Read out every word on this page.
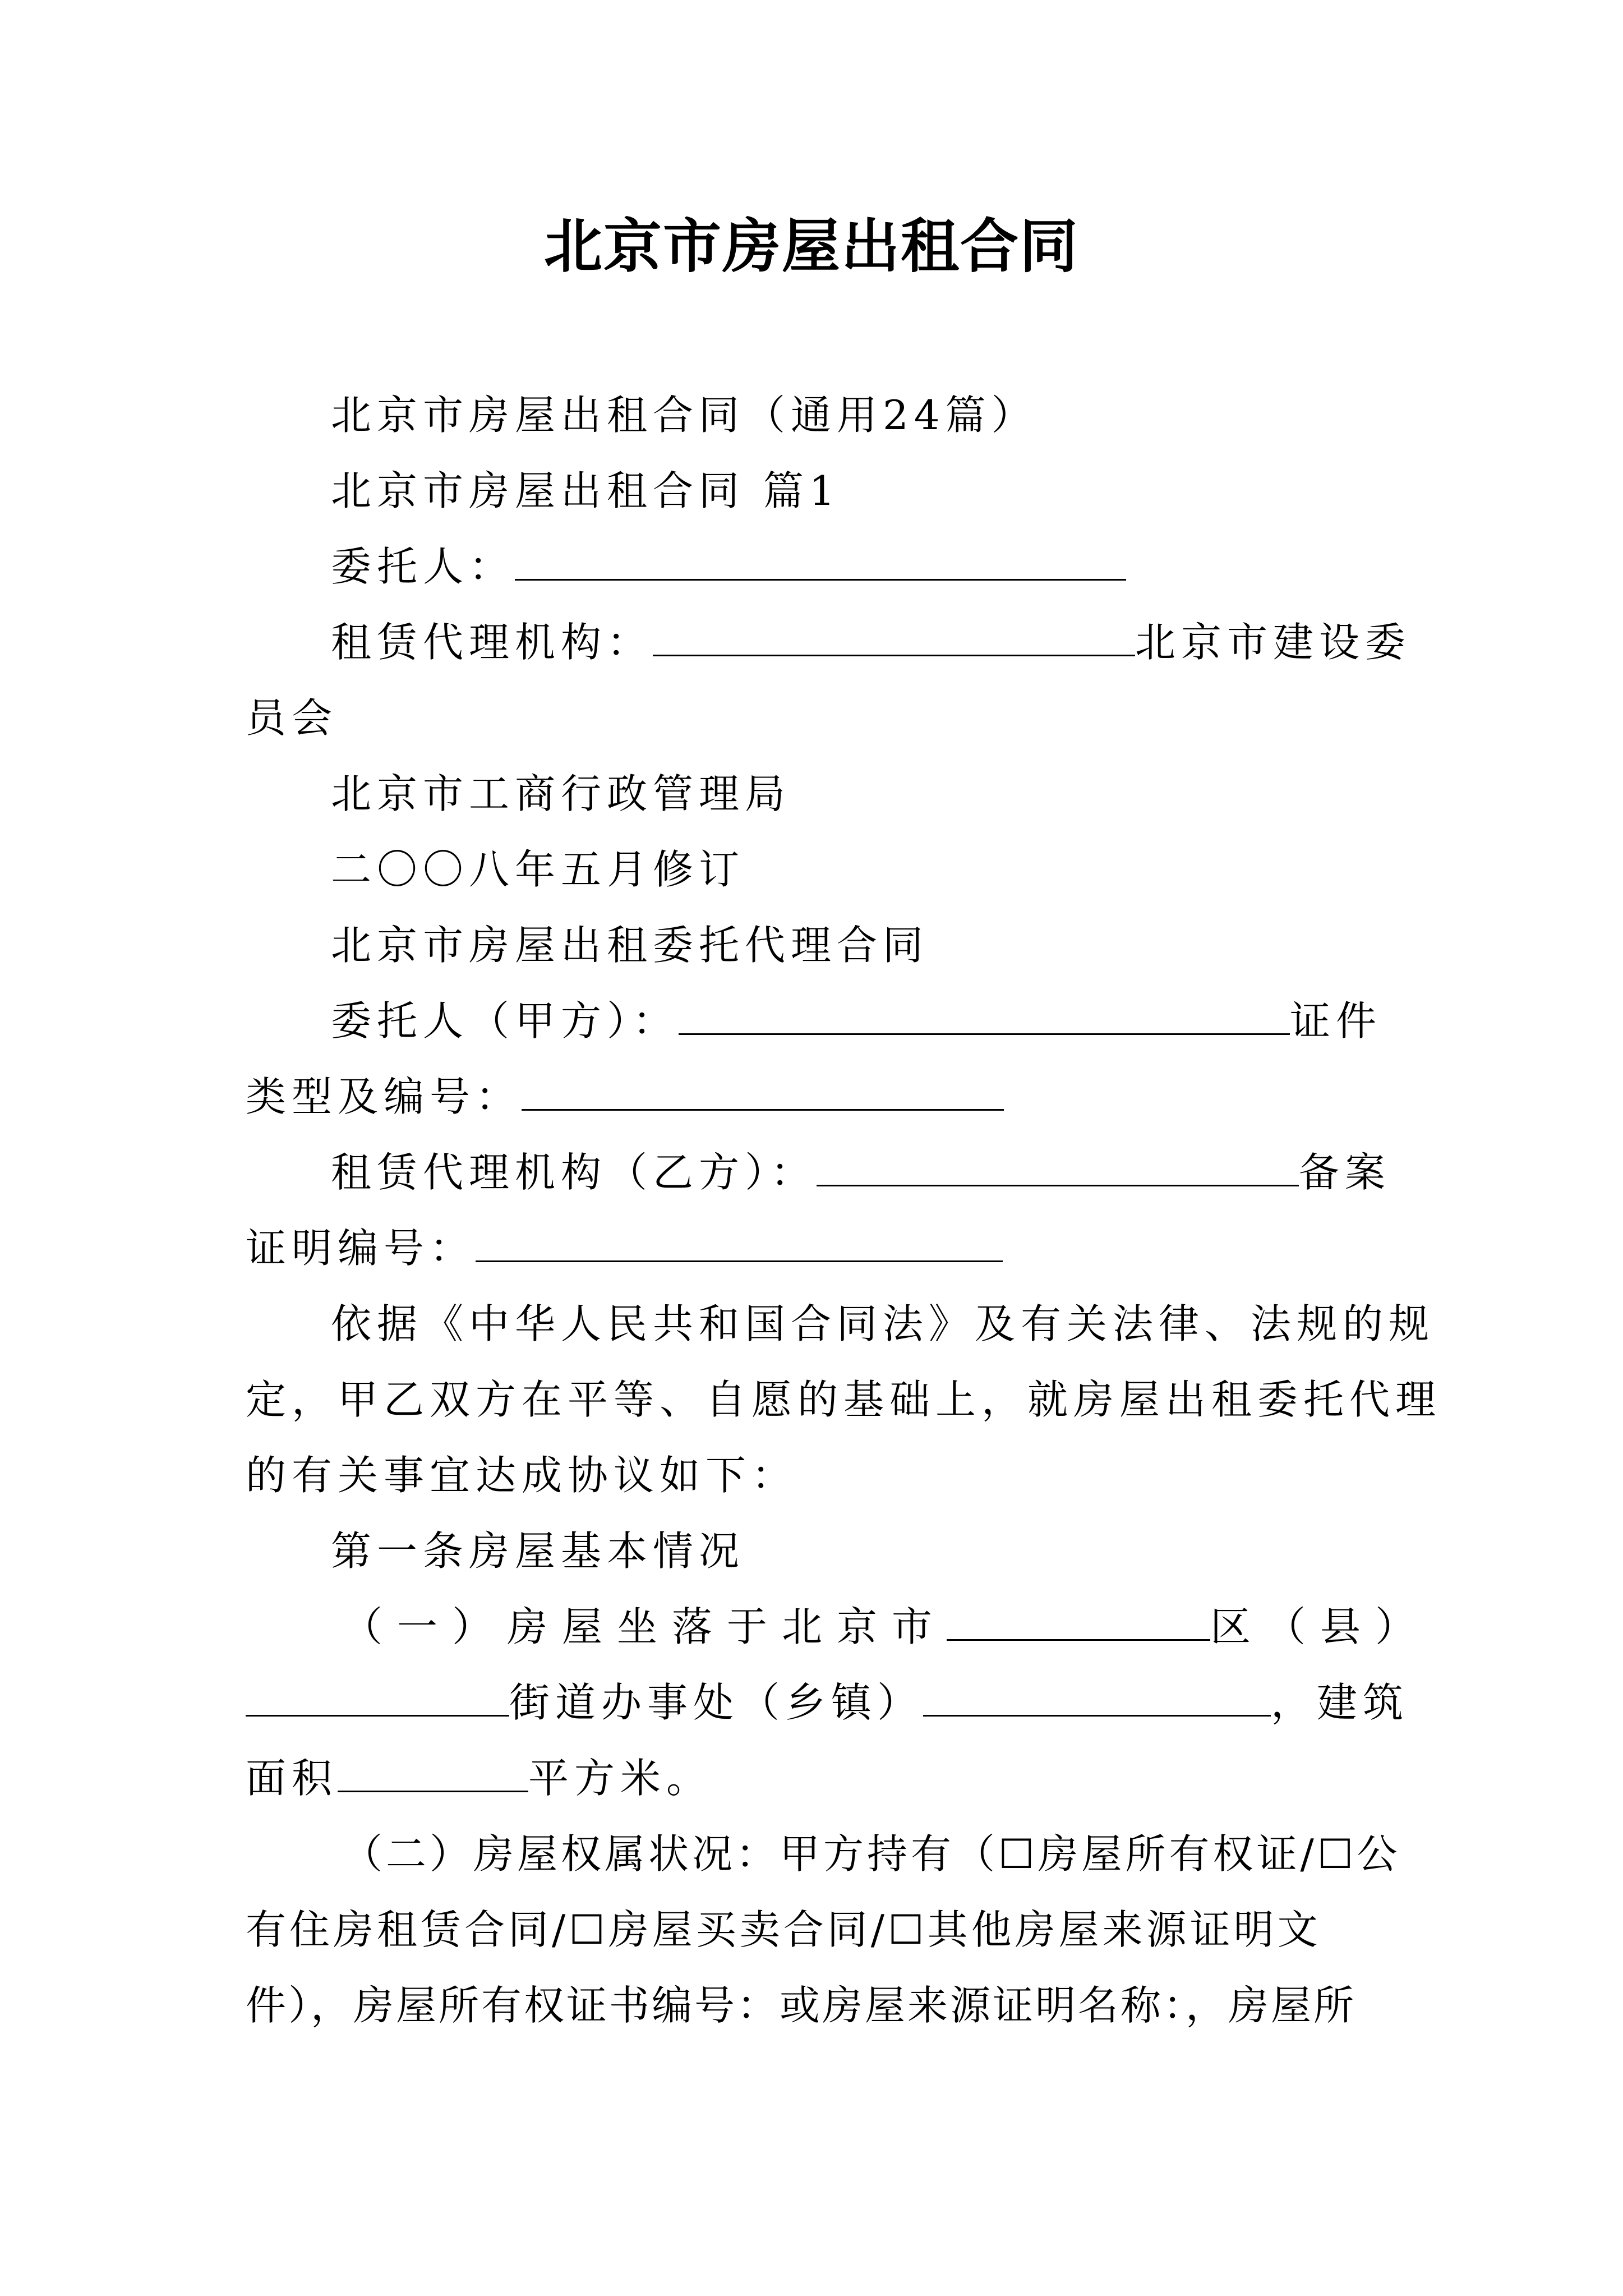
北京市房屋出租合同
北京市房屋出租合同（通用24篇）
北京市房屋出租合同 篇1
委托人：
租赁代理机构：	北京市建设委
员会
北京市工商行政管理局
二〇〇八年五月修订
北京市房屋出租委托代理合同
委托人（甲方）：	证件
类型及编号：
租赁代理机构（乙方）：	备案
证明编号：
依据《中华人民共和国合同法》及有关法律、法规的规
定，甲乙双方在平等、自愿的基础上，就房屋出租委托代理
的有关事宜达成协议如下：
第一条房屋基本情况
（一）房屋坐落于北京市	区（县）
街道办事处（乡镇）	，建筑
面积	平方米。
（二）房屋权属状况：甲方持有（☐房屋所有权证/☐公
有住房租赁合同/☐房屋买卖合同/☐其他房屋来源证明文
件），房屋所有权证书编号：或房屋来源证明名称：，房屋所
